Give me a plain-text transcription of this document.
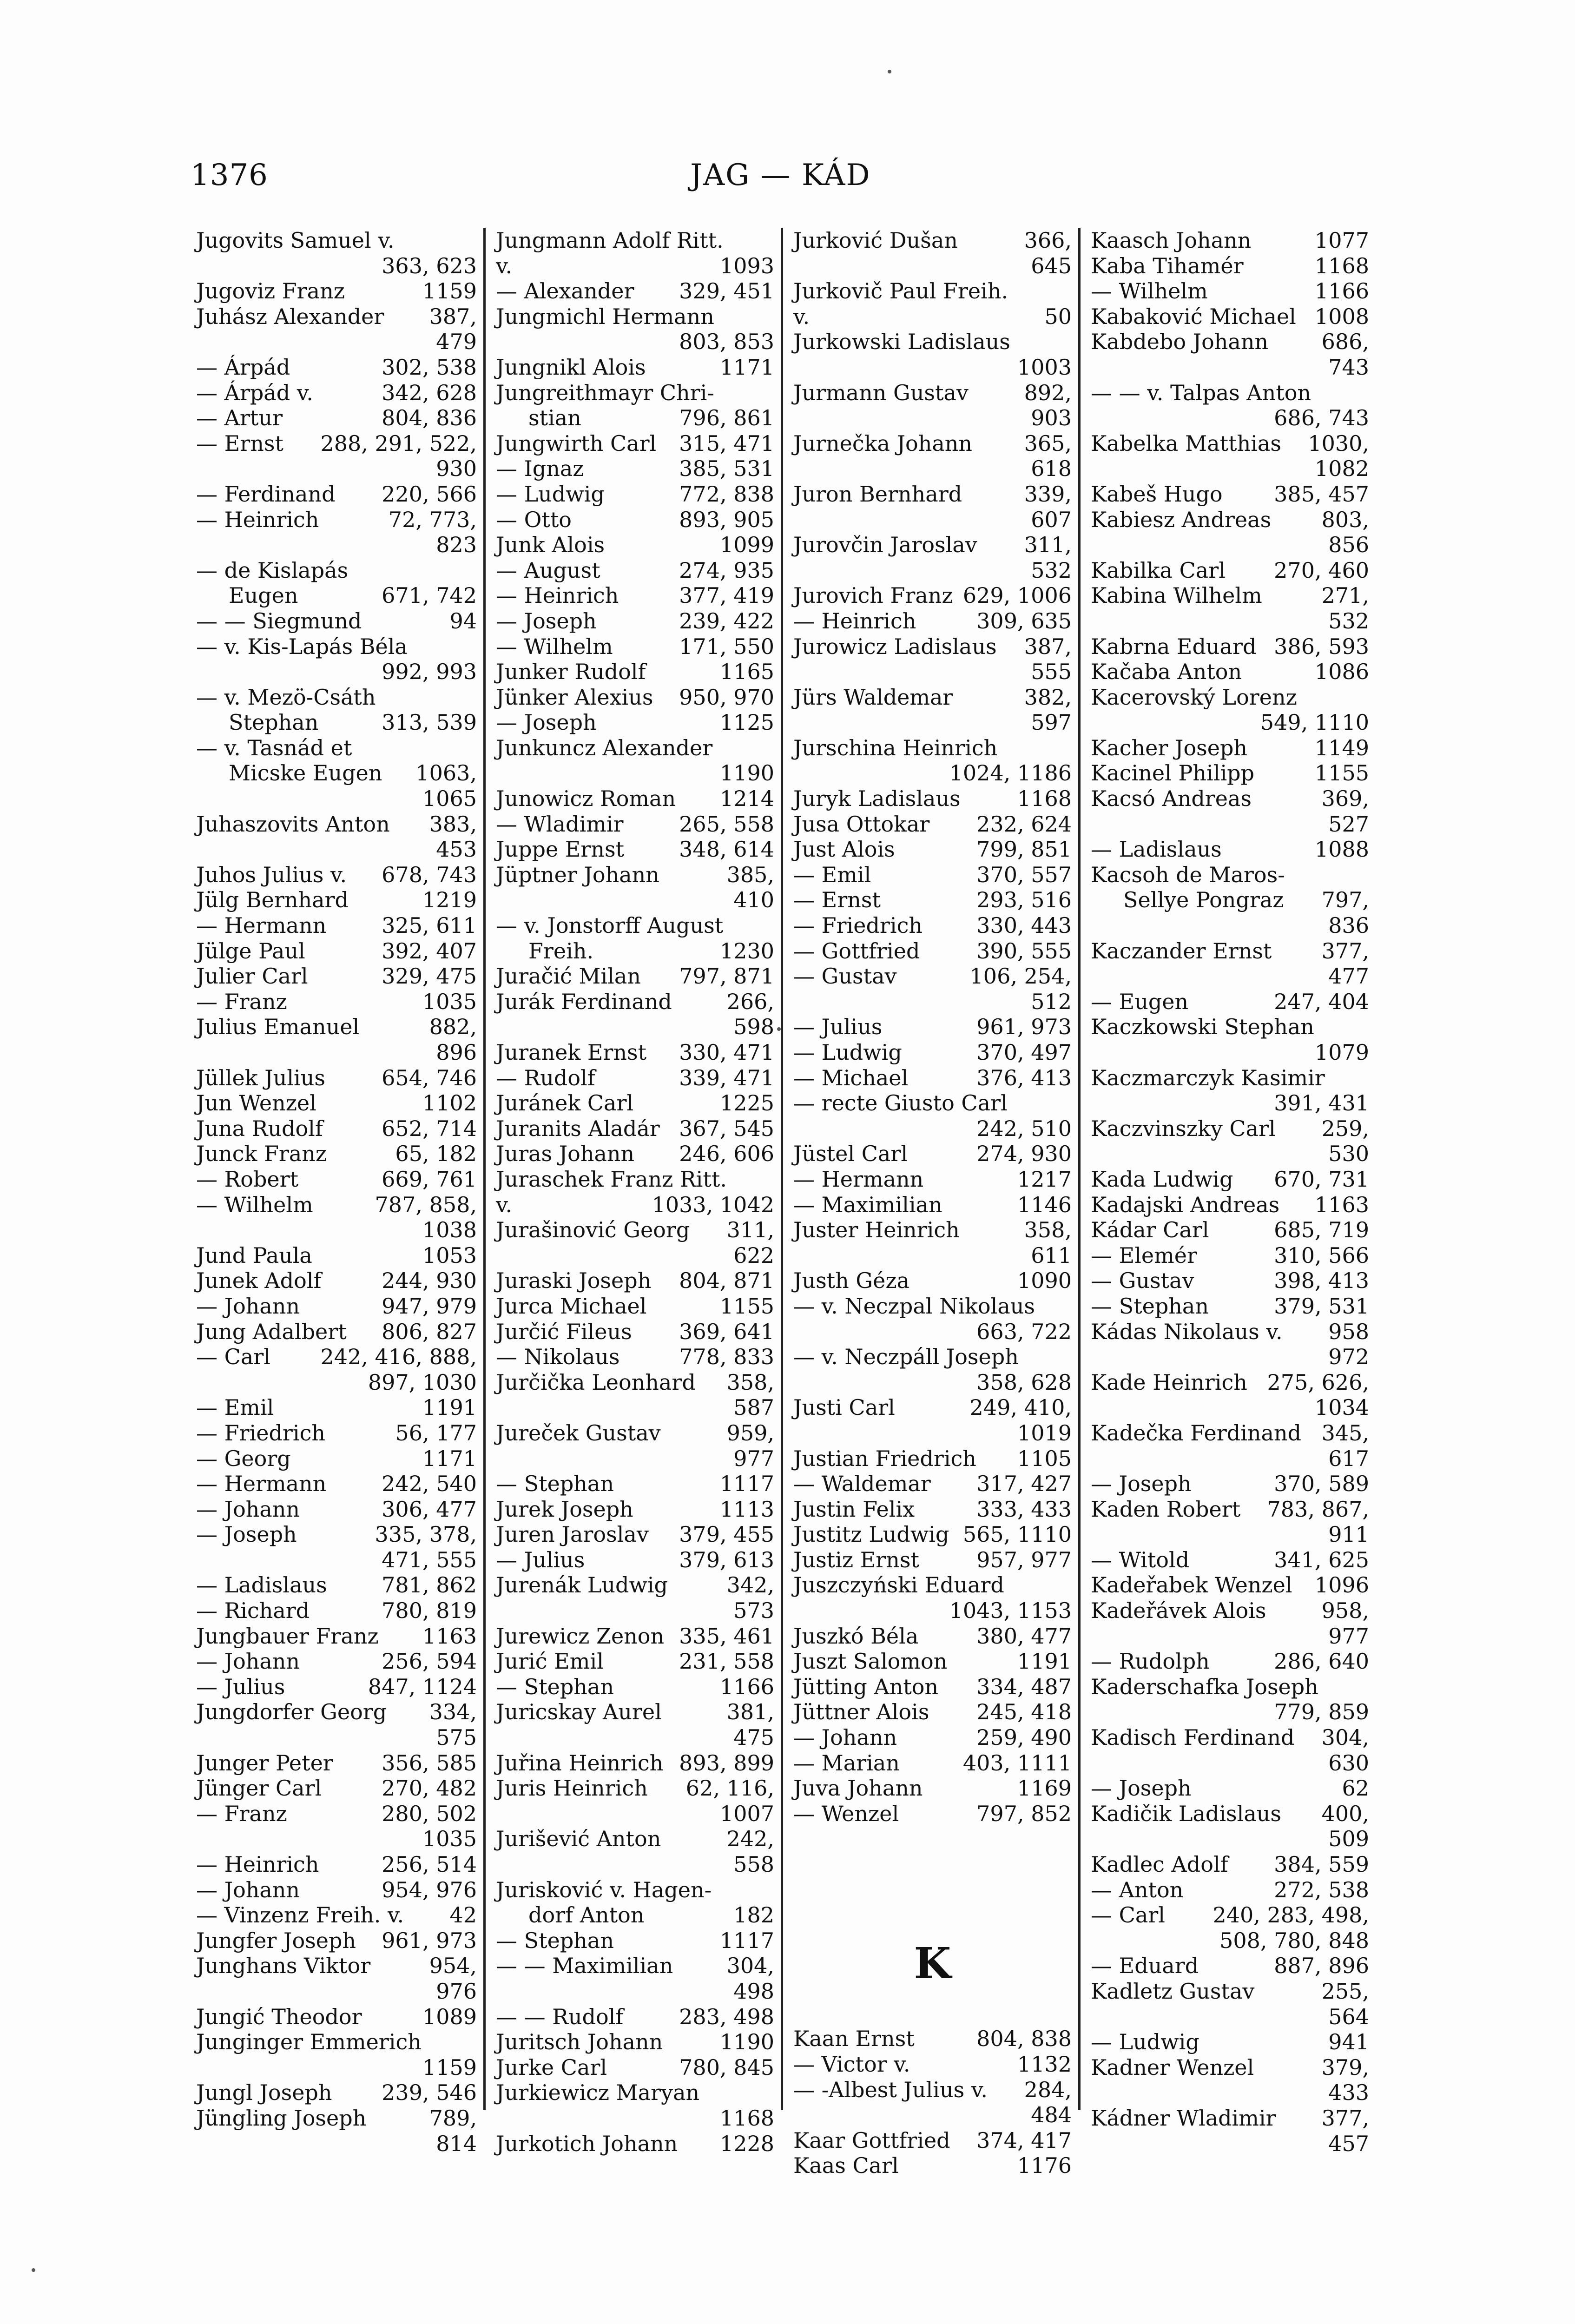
1376	JAG — KÁD
Jugovits Samuel v.
363, 623
Jugoviz Franz	1159
Juhász Alexander	387,
479
— Árpád	302, 538
— Árpád v.	342, 628
— Artur	804, 836
— Ernst	288, 291, 522,
930
— Ferdinand	220, 566
— Heinrich	72, 773,
823
— de Kislapás
Eugen	671, 742
— — Siegmund	94
— v. Kis-Lapás Béla
992, 993
— v. Mezö-Csáth
Stephan	313, 539
— v. Tasnád et
Micske Eugen	1063,
1065
Juhaszovits Anton	383,
453
Juhos Julius v.	678, 743
Jülg Bernhard	1219
— Hermann	325, 611
Jülge Paul	392, 407
Julier Carl	329, 475
— Franz	1035
Julius Emanuel	882,
896
Jüllek Julius	654, 746
Jun Wenzel	1102
Juna Rudolf	652, 714
Junck Franz	65, 182
— Robert	669, 761
— Wilhelm	787, 858,
1038
Jund Paula	1053
Junek Adolf	244, 930
— Johann	947, 979
Jung Adalbert	806, 827
— Carl	242, 416, 888,
897, 1030
— Emil	1191
— Friedrich	56, 177
— Georg	1171
— Hermann	242, 540
— Johann	306, 477
— Joseph	335, 378,
471, 555
— Ladislaus	781, 862
— Richard	780, 819
Jungbauer Franz	1163
— Johann	256, 594
— Julius	847, 1124
Jungdorfer Georg	334,
575
Junger Peter	356, 585
Jünger Carl	270, 482
— Franz	280, 502
1035
— Heinrich	256, 514
— Johann	954, 976
— Vinzenz Freih. v.	42
Jungfer Joseph	961, 973
Junghans Viktor	954,
976
Jungić Theodor	1089
Junginger Emmerich
1159
Jungl Joseph	239, 546
Jüngling Joseph	789,
814
Jungmann Adolf Ritt.
v.	1093
— Alexander	329, 451
Jungmichl Hermann
803, 853
Jungnikl Alois	1171
Jungreithmayr Chri-
stian	796, 861
Jungwirth Carl	315, 471
— Ignaz	385, 531
— Ludwig	772, 838
— Otto	893, 905
Junk Alois	1099
— August	274, 935
— Heinrich	377, 419
— Joseph	239, 422
— Wilhelm	171, 550
Junker Rudolf	1165
Jünker Alexius	950, 970
— Joseph	1125
Junkuncz Alexander
1190
Junowicz Roman	1214
— Wladimir	265, 558
Juppe Ernst	348, 614
Jüptner Johann	385,
410
— v. Jonstorff August
Freih.	1230
Juračić Milan	797, 871
Jurák Ferdinand	266,
598
Juranek Ernst	330, 471
— Rudolf	339, 471
Juránek Carl	1225
Juranits Aladár 367, 545
Juras Johann	246, 606
Juraschek Franz Ritt.
v.	1033, 1042
Jurašinović Georg	311,
622
Juraski Joseph	804, 871
Jurca Michael	1155
Jurčić Fileus	369, 641
— Nikolaus	778, 833
Jurčička Leonhard	358,
587
Jureček Gustav	959,
977
— Stephan	1117
Jurek Joseph	1113
Juren Jaroslav	379, 455
— Julius	379, 613
Jurenák Ludwig	342,
573
Jurewicz Zenon 335, 461
Jurić Emil	231, 558
— Stephan	1166
Juricskay Aurel	381,
475
Juřina Heinrich 893, 899
Juris Heinrich	62, 116,
1007
Jurišević Anton	242,
558
Jurisković v. Hagen-
dorf Anton	182
— Stephan	1117
— — Maximilian	304,
498
— — Rudolf	283, 498
Juritsch Johann	1190
Jurke Carl	780, 845
Jurkiewicz Maryan
1168
Jurkotich Johann	1228
Jurković Dušan	366,
645
Jurkovič Paul Freih.
v.	50
Jurkowski Ladislaus
1003
Jurmann Gustav	892,
903
Jurnečka Johann	365,
618
Juron Bernhard	339,
607
Jurovčin Jaroslav	311,
532
Jurovich Franz 629, 1006
— Heinrich	309, 635
Jurowicz Ladislaus	387,
555
Jürs Waldemar	382,
597
Jurschina Heinrich
1024, 1186
Juryk Ladislaus	1168
Jusa Ottokar	232, 624
Just Alois	799, 851
— Emil	370, 557
— Ernst	293, 516
— Friedrich	330, 443
— Gottfried	390, 555
— Gustav	106, 254,
512
— Julius	961, 973
— Ludwig	370, 497
— Michael	376, 413
— recte Giusto Carl
242, 510
Jüstel Carl	274, 930
— Hermann	1217
— Maximilian	1146
Juster Heinrich	358,
611
Justh Géza	1090
— v. Neczpal Nikolaus
663, 722
— v. Neczpáll Joseph
358, 628
Justi Carl	249, 410,
1019
Justian Friedrich	1105
— Waldemar	317, 427
Justin Felix	333, 433
Justitz Ludwig 565, 1110
Justiz Ernst	957, 977
Juszczyński Eduard
1043, 1153
Juszkó Béla	380, 477
Juszt Salomon	1191
Jütting Anton	334, 487
Jüttner Alois	245, 418
— Johann	259, 490
— Marian	403, 1111
Juva Johann	1169
— Wenzel	797, 852
K
Kaan Ernst	804, 838
— Victor v.	1132
— -Albest Julius v.	284,
484
Kaar Gottfried	374, 417
Kaas Carl	1176
Kaasch Johann	1077
Kaba Tihamér	1168
— Wilhelm	1166
Kabaković Michael 1008
Kabdebo Johann	686,
743
— — v. Talpas Anton
686, 743
Kabelka Matthias	1030,
1082
Kabeš Hugo	385, 457
Kabiesz Andreas	803,
856
Kabilka Carl	270, 460
Kabina Wilhelm	271,
532
Kabrna Eduard 386, 593
Kačaba Anton	1086
Kacerovský Lorenz
549, 1110
Kacher Joseph	1149
Kacinel Philipp	1155
Kacsó Andreas	369,
527
— Ladislaus	1088
Kacsoh de Maros-
Sellye Pongraz	797,
836
Kaczander Ernst	377,
477
— Eugen	247, 404
Kaczkowski Stephan
1079
Kaczmarczyk Kasimir
391, 431
Kaczvinszky Carl	259,
530
Kada Ludwig	670, 731
Kadajski Andreas	1163
Kádar Carl	685, 719
— Elemér	310, 566
— Gustav	398, 413
— Stephan	379, 531
Kádas Nikolaus v.	958
972
Kade Heinrich 275, 626,
1034
Kadečka Ferdinand 345,
617
— Joseph	370, 589
Kaden Robert	783, 867,
911
— Witold	341, 625
Kadeřabek Wenzel	1096
Kadeřávek Alois	958,
977
— Rudolph	286, 640
Kaderschafka Joseph
779, 859
Kadisch Ferdinand	304,
630
— Joseph	62
Kadičik Ladislaus	400,
509
Kadlec Adolf	384, 559
— Anton	272, 538
— Carl	240, 283, 498,
508, 780, 848
— Eduard	887, 896
Kadletz Gustav	255,
564
— Ludwig	941
Kadner Wenzel	379,
433
Kádner Wladimir	377,
457
